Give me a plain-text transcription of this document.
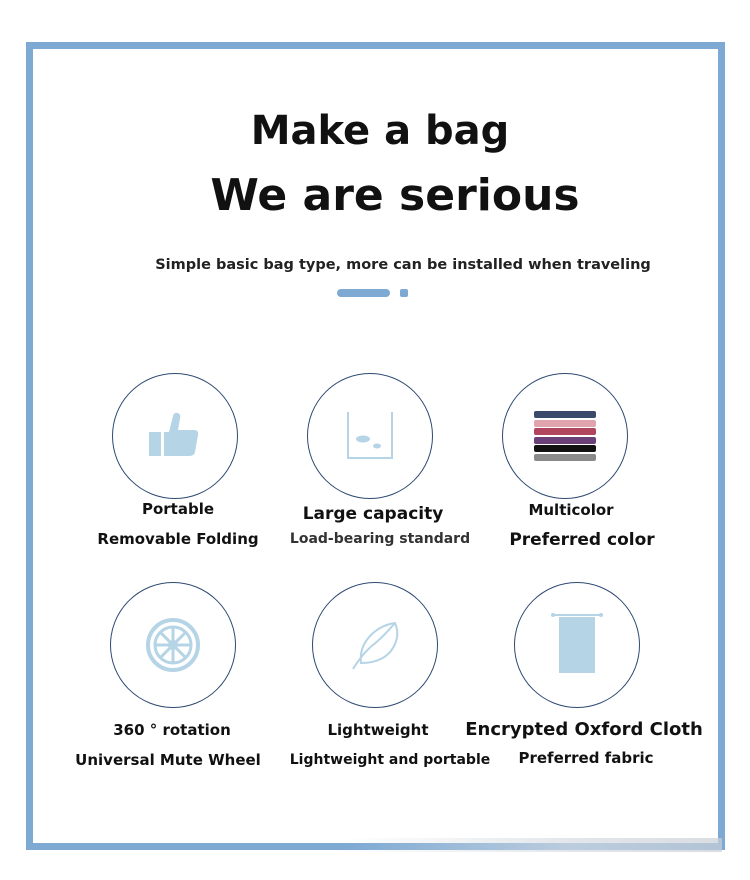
Make a bag
We are serious
Simple basic bag type, more can be installed when traveling
Portable
Removable Folding
Large capacity
Load-bearing standard
Multicolor
Preferred color
360 ° rotation
Universal Mute Wheel
Lightweight
Lightweight and portable
Encrypted Oxford Cloth
Preferred fabric
